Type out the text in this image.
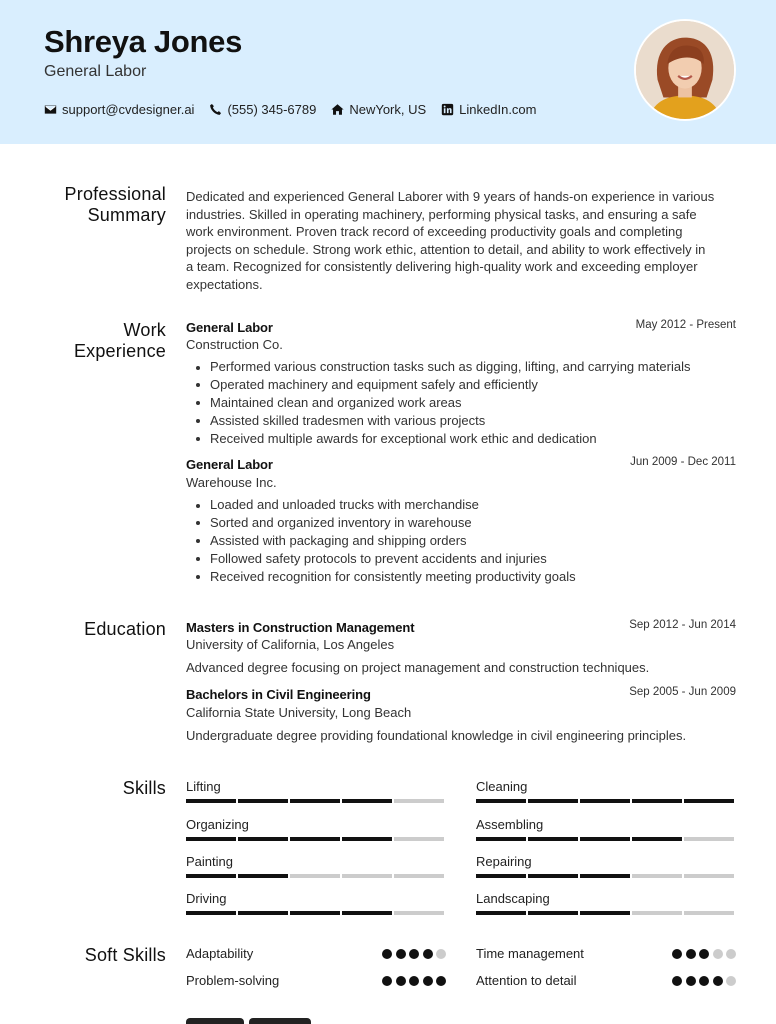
Shreya Jones
General Labor
support@cvdesigner.ai	(555) 345-6789	NewYork, US	LinkedIn.com
Professional
Summary
Dedicated and experienced General Laborer with 9 years of hands-on experience in various
industries. Skilled in operating machinery, performing physical tasks, and ensuring a safe
work environment. Proven track record of exceeding productivity goals and completing
projects on schedule. Strong work ethic, attention to detail, and ability to work effectively in
a team. Recognized for consistently delivering high-quality work and exceeding employer
expectations.
Work
Experience
General Labor	May 2012 - Present
Construction Co.
Performed various construction tasks such as digging, lifting, and carrying materials
Operated machinery and equipment safely and efficiently
Maintained clean and organized work areas
Assisted skilled tradesmen with various projects
Received multiple awards for exceptional work ethic and dedication
General Labor	Jun 2009 - Dec 2011
Warehouse Inc.
Loaded and unloaded trucks with merchandise
Sorted and organized inventory in warehouse
Assisted with packaging and shipping orders
Followed safety protocols to prevent accidents and injuries
Received recognition for consistently meeting productivity goals
Education Masters in Construction Management	Sep 2012 - Jun 2014
University of California, Los Angeles
Advanced degree focusing on project management and construction techniques.
Bachelors in Civil Engineering	Sep 2005 - Jun 2009
California State University, Long Beach
Undergraduate degree providing foundational knowledge in civil engineering principles.
Skills Lifting	Cleaning
Organizing	Assembling
Painting	Repairing
Driving	Landscaping
Soft Skills Adaptability	Time management
Problem-solving	Attention to detail
